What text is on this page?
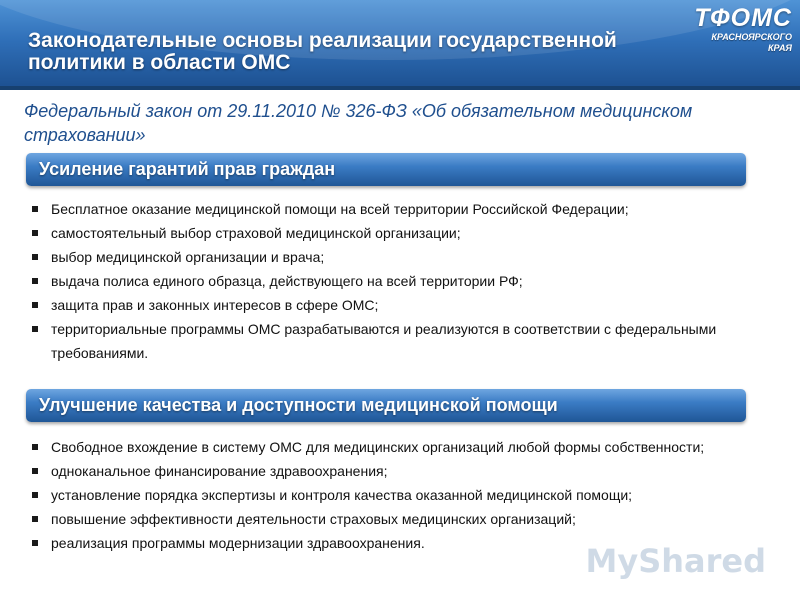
Законодательные основы реализации государственной политики в области ОМС
ТФОМС
КРАСНОЯРСКОГО
КРАЯ
Федеральный закон от 29.11.2010 № 326-ФЗ «Об обязательном медицинском страховании»
Усиление гарантий прав граждан
Бесплатное оказание медицинской помощи на всей территории Российской Федерации;
самостоятельный выбор страховой медицинской организации;
выбор медицинской организации и врача;
выдача полиса единого образца, действующего на всей территории РФ;
защита прав и законных интересов в сфере ОМС;
территориальные программы ОМС разрабатываются и реализуются в соответствии с федеральными требованиями.
Улучшение качества и доступности медицинской помощи
Свободное вхождение в систему ОМС для медицинских организаций любой формы собственности;
одноканальное финансирование здравоохранения;
установление порядка экспертизы и контроля качества оказанной медицинской помощи;
повышение эффективности деятельности страховых медицинских организаций;
реализация программы модернизации здравоохранения.	MyShared
